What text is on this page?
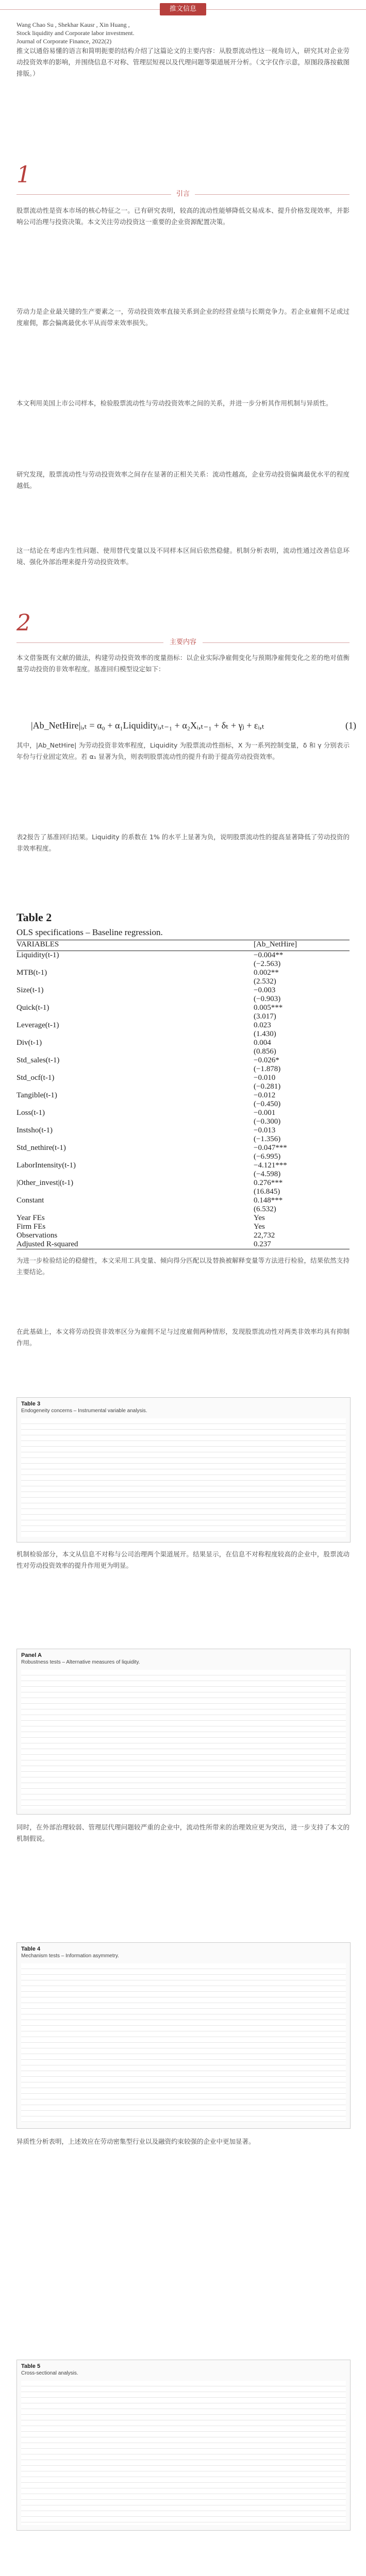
推文信息
Wang Chao Su , Shekhar Kausr , Xin Huang ,
Stock liquidity and Corporate labor investment.
Journal of Corporate Finance, 2022(2)
推文以通俗易懂的语言和简明扼要的结构介绍了这篇论文的主要内容：从股票流动性这一视角切入，研究其对企业劳动投资效率的影响，并围绕信息不对称、管理层短视以及代理问题等渠道展开分析。（文字仅作示意，原图段落按截图排版。）
1
引言
股票流动性是资本市场的核心特征之一。已有研究表明，较高的流动性能够降低交易成本、提升价格发现效率，并影响公司治理与投资决策。本文关注劳动投资这一重要的企业资源配置决策。
劳动力是企业最关键的生产要素之一，劳动投资效率直接关系到企业的经营业绩与长期竞争力。若企业雇佣不足或过度雇佣，都会偏离最优水平从而带来效率损失。
本文利用美国上市公司样本，检验股票流动性与劳动投资效率之间的关系，并进一步分析其作用机制与异质性。
研究发现，股票流动性与劳动投资效率之间存在显著的正相关关系：流动性越高，企业劳动投资偏离最优水平的程度越低。
这一结论在考虑内生性问题、使用替代变量以及不同样本区间后依然稳健。机制分析表明，流动性通过改善信息环境、强化外部治理来提升劳动投资效率。
2
主要内容
本文借鉴既有文献的做法，构建劳动投资效率的度量指标：以企业实际净雇佣变化与预期净雇佣变化之差的绝对值衡量劳动投资的非效率程度。基准回归模型设定如下：
|Ab_NetHire|ᵢ,ₜ = α₀ + α₁Liquidityᵢ,ₜ₋₁ + α₂Xᵢ,ₜ₋₁ + δₜ + γⱼ + εᵢ,ₜ	(1)
其中，|Ab_NetHire| 为劳动投资非效率程度，Liquidity 为股票流动性指标，X 为一系列控制变量，δ 和 γ 分别表示年份与行业固定效应。若 α₁ 显著为负，则表明股票流动性的提升有助于提高劳动投资效率。
表2报告了基准回归结果。Liquidity 的系数在 1% 的水平上显著为负，说明股票流动性的提高显著降低了劳动投资的非效率程度。
Table 2
OLS specifications – Baseline regression.
VARIABLES	[Ab_NetHire]
Liquidity(t-1)	−0.004**
(−2.563)
MTB(t-1)	0.002**
(2.532)
Size(t-1)	−0.003
(−0.903)
Quick(t-1)	0.005***
(3.017)
Leverage(t-1)	0.023
(1.430)
Div(t-1)	0.004
(0.856)
Std_sales(t-1)	−0.026*
(−1.878)
Std_ocf(t-1)	−0.010
(−0.281)
Tangible(t-1)	−0.012
(−0.450)
Loss(t-1)	−0.001
(−0.300)
Instsho(t-1)	−0.013
(−1.356)
Std_nethire(t-1)	−0.047***
(−6.995)
LaborIntensity(t-1)	−4.121***
(−4.598)
|Other_invest|(t-1)	0.276***
(16.845)
Constant	0.148***
(6.532)
Year FEs	Yes
Firm FEs	Yes
Observations	22,732
Adjusted R-squared	0.237
为进一步检验结论的稳健性，本文采用工具变量、倾向得分匹配以及替换被解释变量等方法进行检验，结果依然支持主要结论。
在此基础上，本文将劳动投资非效率区分为雇佣不足与过度雇佣两种情形，发现股票流动性对两类非效率均具有抑制作用。
Table 3
Endogeneity concerns – Instrumental variable analysis.
机制检验部分，本文从信息不对称与公司治理两个渠道展开。结果显示，在信息不对称程度较高的企业中，股票流动性对劳动投资效率的提升作用更为明显。
Panel A
Robustness tests – Alternative measures of liquidity.
同时，在外部治理较弱、管理层代理问题较严重的企业中，流动性所带来的治理效应更为突出，进一步支持了本文的机制假说。
Table 4
Mechanism tests – Information asymmetry.
异质性分析表明，上述效应在劳动密集型行业以及融资约束较强的企业中更加显著。
Table 5
Cross-sectional analysis.
